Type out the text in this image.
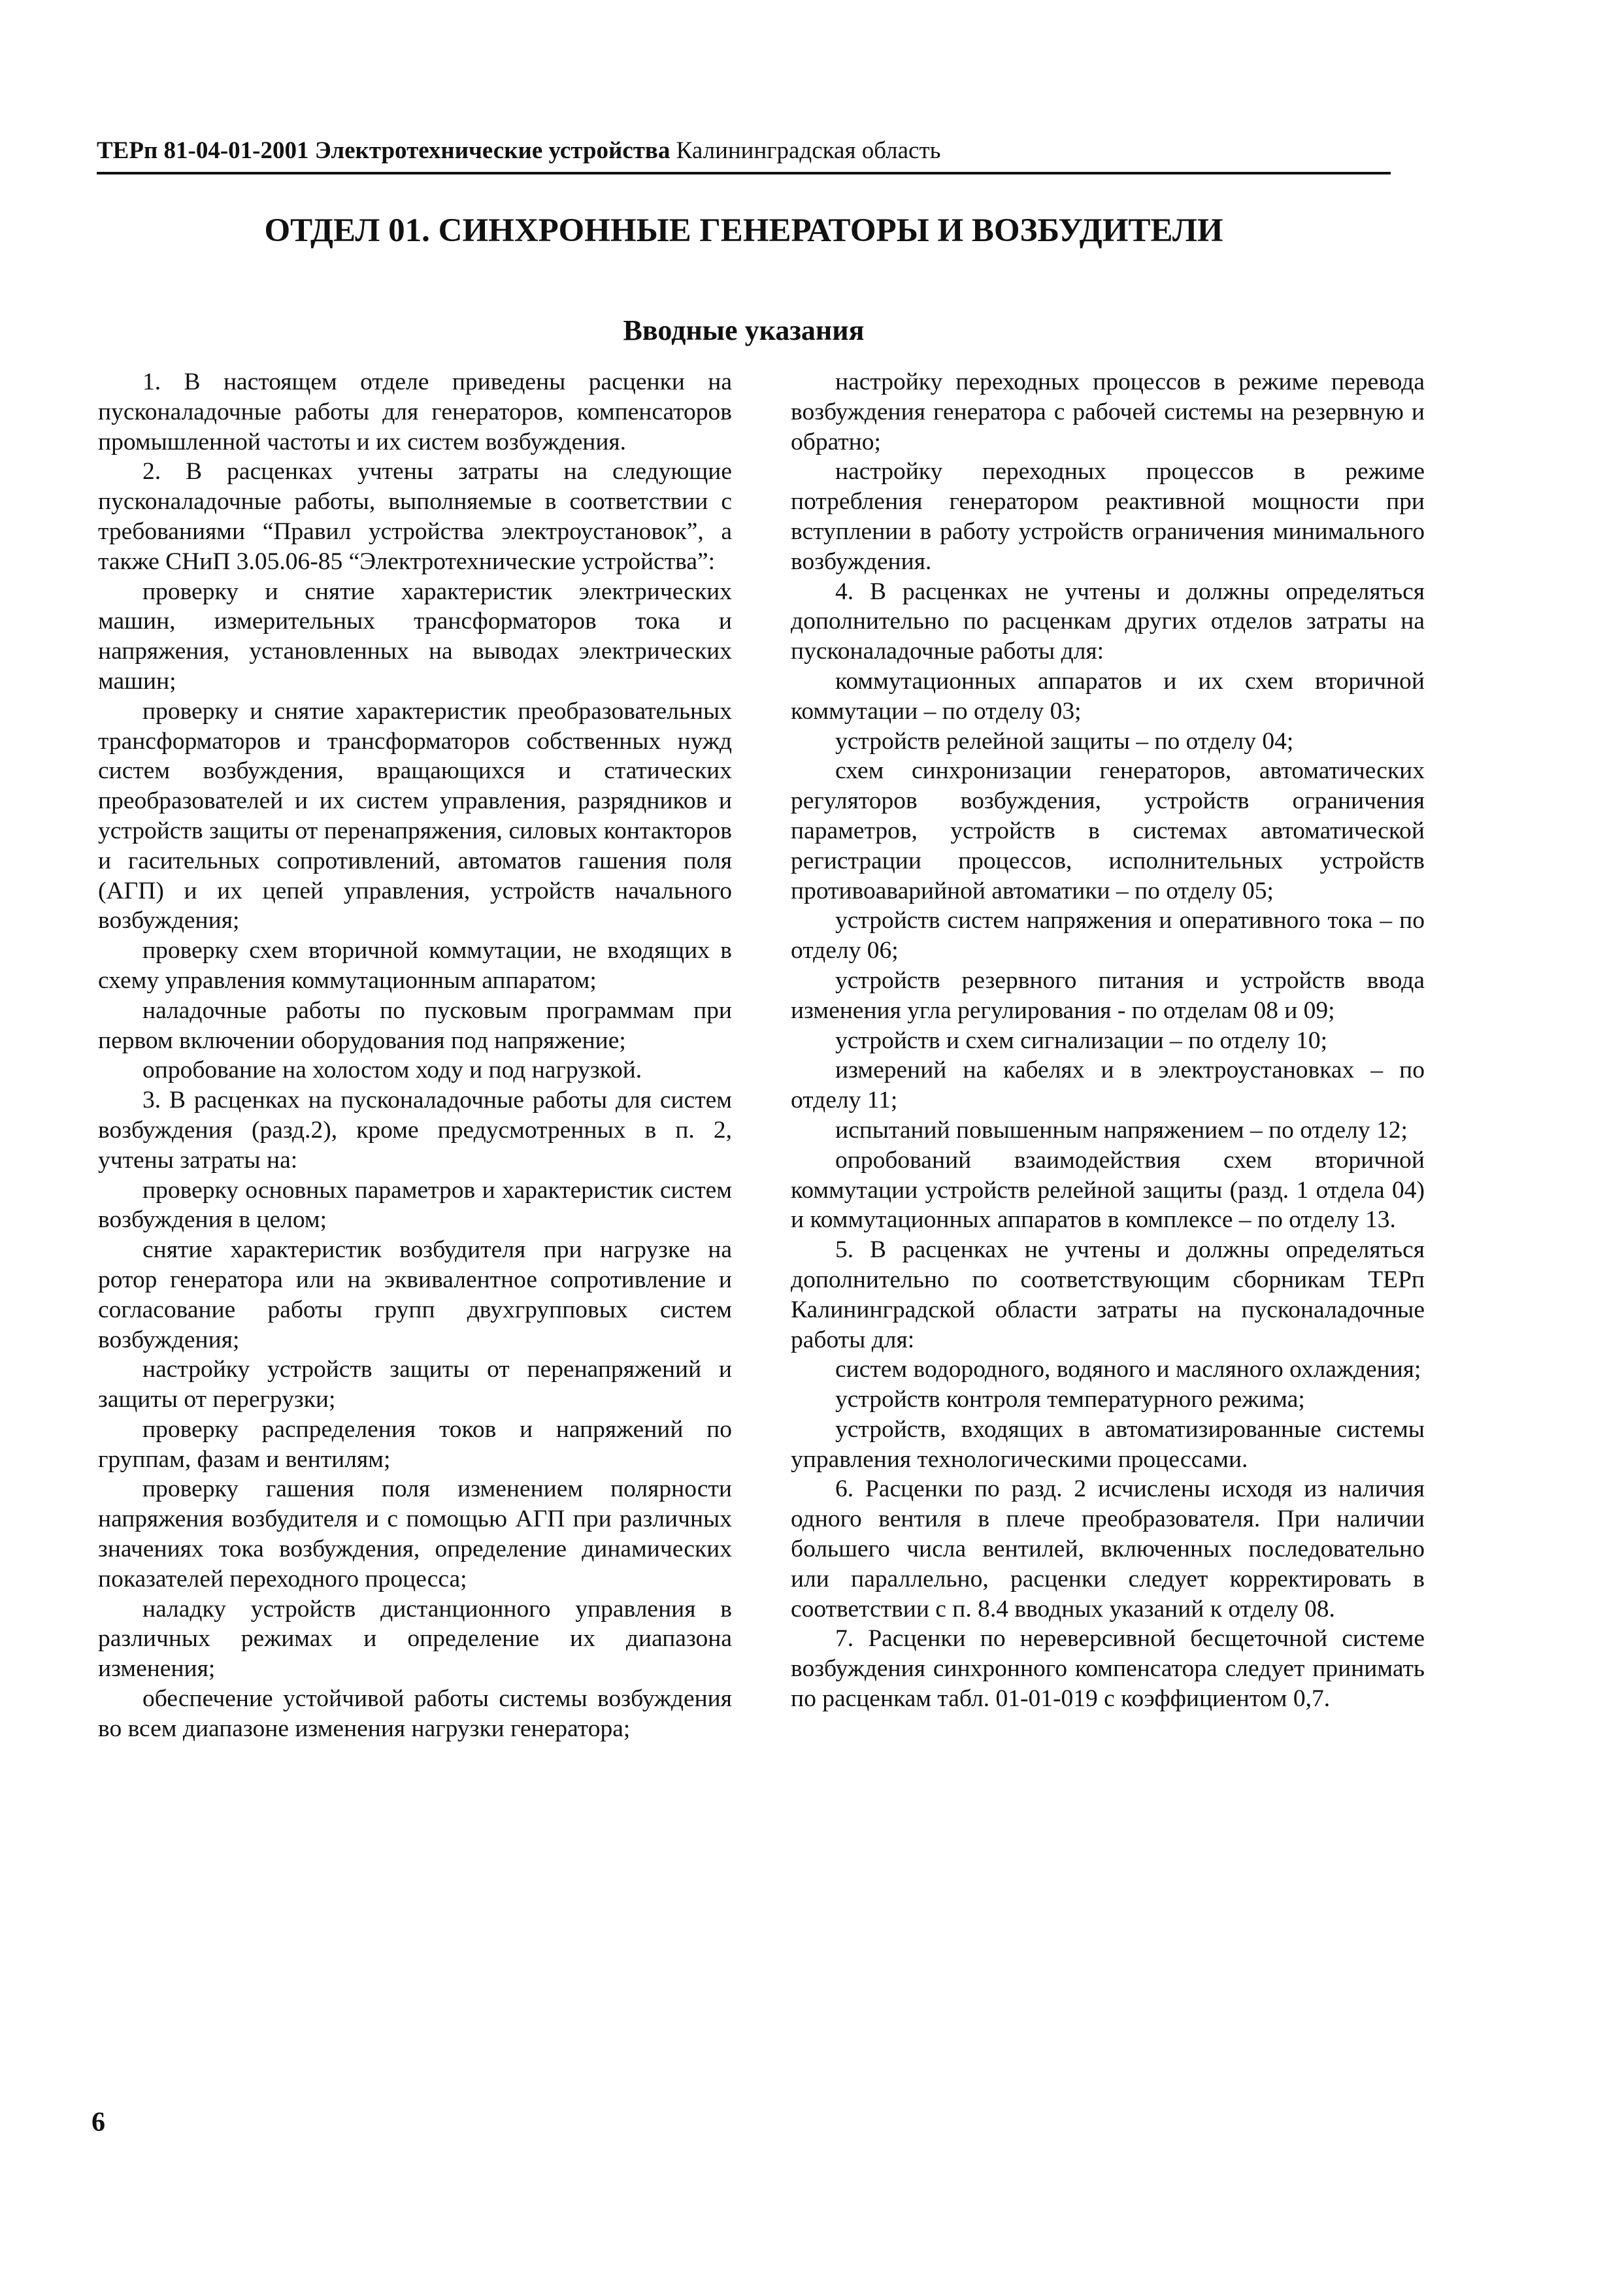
ТЕРп 81-04-01-2001 Электротехнические устройства Калининградская область
ОТДЕЛ 01. СИНХРОННЫЕ ГЕНЕРАТОРЫ И ВОЗБУДИТЕЛИ
Вводные указания

1. В настоящем отделе приведены расценки на пусконаладочные работы для генераторов, компенсаторов промышленной частоты и их систем возбуждения.

2. В расценках учтены затраты на следующие пусконаладочные работы, выполняемые в соответствии с требованиями “Правил устройства электроустановок”, а также СНиП 3.05.06-85 “Электротехнические устройства”:

проверку и снятие характеристик электрических машин, измерительных трансформаторов тока и напряжения, установленных на выводах электрических машин;

проверку и снятие характеристик преобразовательных трансформаторов и трансформаторов собственных нужд систем возбуждения, вращающихся и статических преобразователей и их систем управления, разрядников и устройств защиты от перенапряжения, силовых контакторов и гасительных сопротивлений, автоматов гашения поля (АГП) и их цепей управления, устройств начального возбуждения;

проверку схем вторичной коммутации, не входящих в схему управления коммутационным аппаратом;

наладочные работы по пусковым программам при первом включении оборудования под напряжение;

опробование на холостом ходу и под нагрузкой.

3. В расценках на пусконаладочные работы для систем возбуждения (разд.2), кроме предусмотренных в п. 2, учтены затраты на:

проверку основных параметров и характеристик систем возбуждения в целом;

снятие характеристик возбудителя при нагрузке на ротор генератора или на эквивалентное сопротивление и согласование работы групп двухгрупповых систем возбуждения;

настройку устройств защиты от перенапряжений и защиты от перегрузки;

проверку распределения токов и напряжений по группам, фазам и вентилям;

проверку гашения поля изменением полярности напряжения возбудителя и с помощью АГП при различных значениях тока возбуждения, определение динамических показателей переходного процесса;

наладку устройств дистанционного управления в различных режимах и определение их диапазона изменения;

обеспечение устойчивой работы системы возбуждения во всем диапазоне изменения нагрузки генератора;

настройку переходных процессов в режиме перевода возбуждения генератора с рабочей системы на резервную и обратно;

настройку переходных процессов в режиме потребления генератором реактивной мощности при вступлении в работу устройств ограничения минимального возбуждения.

4. В расценках не учтены и должны определяться дополнительно по расценкам других отделов затраты на пусконаладочные работы для:

коммутационных аппаратов и их схем вторичной коммутации – по отделу 03;

устройств релейной защиты – по отделу 04;

схем синхронизации генераторов, автоматических регуляторов возбуждения, устройств ограничения параметров, устройств в системах автоматической регистрации процессов, исполнительных устройств противоаварийной автоматики – по отделу 05;

устройств систем напряжения и оперативного тока – по отделу 06;

устройств резервного питания и устройств ввода изменения угла регулирования - по отделам 08 и 09;

устройств и схем сигнализации – по отделу 10;

измерений на кабелях и в электроустановках – по отделу 11;

испытаний повышенным напряжением – по отделу 12;

опробований взаимодействия схем вторичной коммутации устройств релейной защиты (разд. 1 отдела 04) и коммутационных аппаратов в комплексе – по отделу 13.

5. В расценках не учтены и должны определяться дополнительно по соответствующим сборникам ТЕРп Калининградской области затраты на пусконаладочные работы для:

систем водородного, водяного и масляного охлаждения;

устройств контроля температурного режима;

устройств, входящих в автоматизированные системы управления технологическими процессами.

6. Расценки по разд. 2 исчислены исходя из наличия одного вентиля в плече преобразователя. При наличии большего числа вентилей, включенных последовательно или параллельно, расценки следует корректировать в соответствии с п. 8.4 вводных указаний к отделу 08.

7. Расценки по нереверсивной бесщеточной системе возбуждения синхронного компенсатора следует принимать по расценкам табл. 01-01-019 с коэффициентом 0,7.

6
